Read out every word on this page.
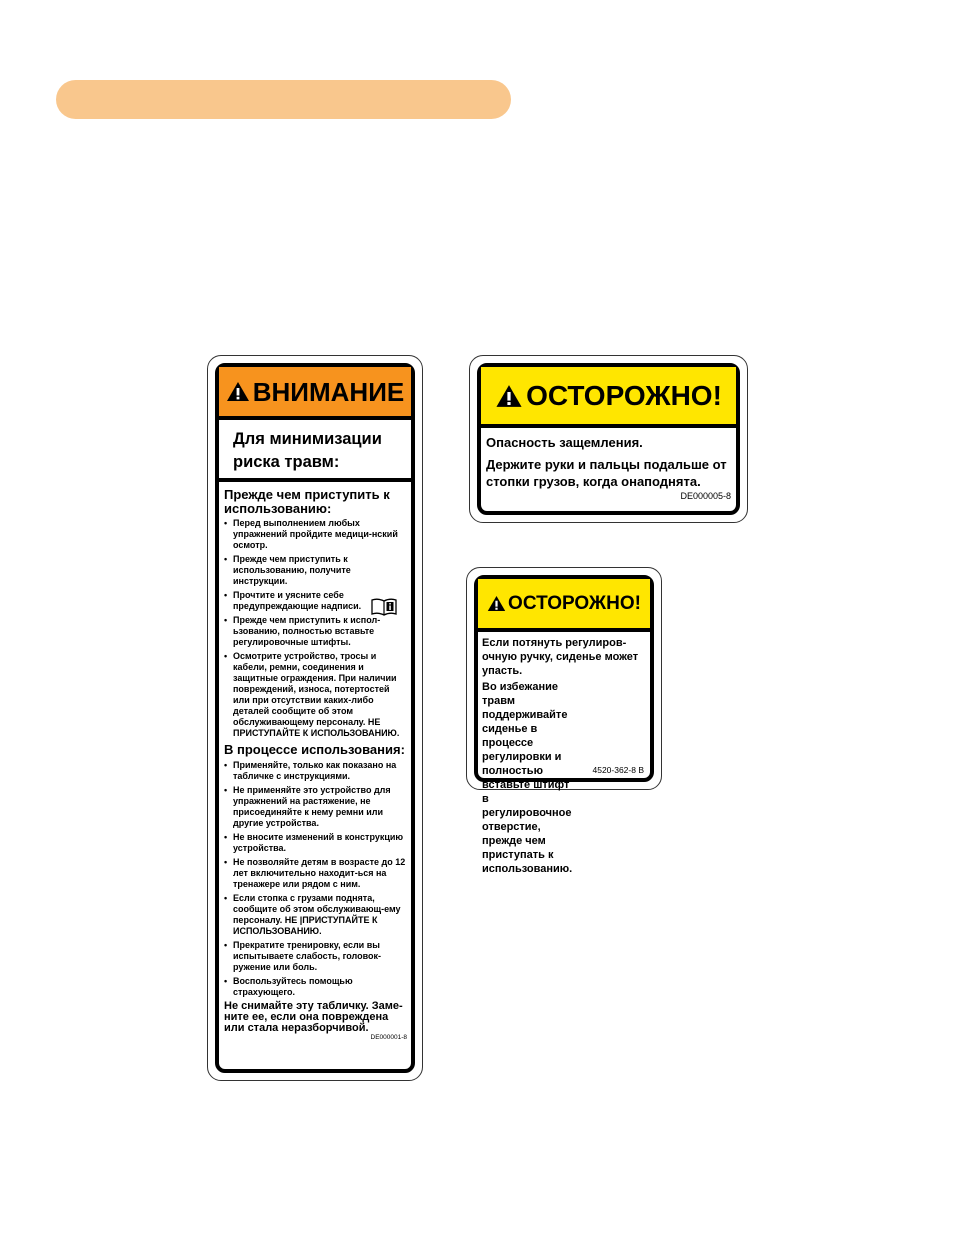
ВНИМАНИЕ
Для минимизации
риска травм:
Прежде чем приступить к использованию:
• Перед выполнением любых упражнений пройдите медици-нский осмотр.
• Прежде чем приступить к использованию, получите инструкции.
• Прочтите и уясните себе предупреждающие надписи.
• Прежде чем приступить к испол-ьзованию, полностью вставьте регулировочные штифты.
• Осмотрите устройство, тросы и кабели, ремни, соединения и защитные ограждения. При наличии повреждений, износа, потертостей или при отсутствии каких-либо деталей сообщите об этом обслуживающему персоналу. НЕ ПРИСТУПАЙТЕ К ИСПОЛЬЗОВАНИЮ.
В процессе использования:
• Применяйте, только как показано на табличке с инструкциями.
• Не применяйте это устройство для упражнений на растяжение, не присоединяйте к нему ремни или другие устройства.
• Не вносите изменений в конструкцию устройства.
• Не позволяйте детям в возрасте до 12 лет включительно находит-ься на тренажере или рядом с ним.
• Если стопка с грузами поднята, сообщите об этом обслуживающ-ему персоналу. НЕ |ПРИСТУПАЙТЕ К ИСПОЛЬЗОВАНИЮ.
• Прекратите тренировку, если вы испытываете слабость, головок-ружение или боль.
• Воспользуйтесь помощью страхующего.
Не снимайте эту табличку. Заме-ните ее, если она повреждена или стала неразборчивой.
DE000001-8
ОСТОРОЖНО!

Опасность защемления.

Держите руки и пальцы подальше от стопки грузов, когда онаподнята.

DE000005-8
ОСТОРОЖНО!

Если потянуть регулиров-очную ручку, сиденье может упасть.

Во избежание травм поддерживайте сиденье в процессе регулировки и полностью вставьте штифт в регулировочное отверстие, прежде чем приступать к использованию.

4520-362-8 B
